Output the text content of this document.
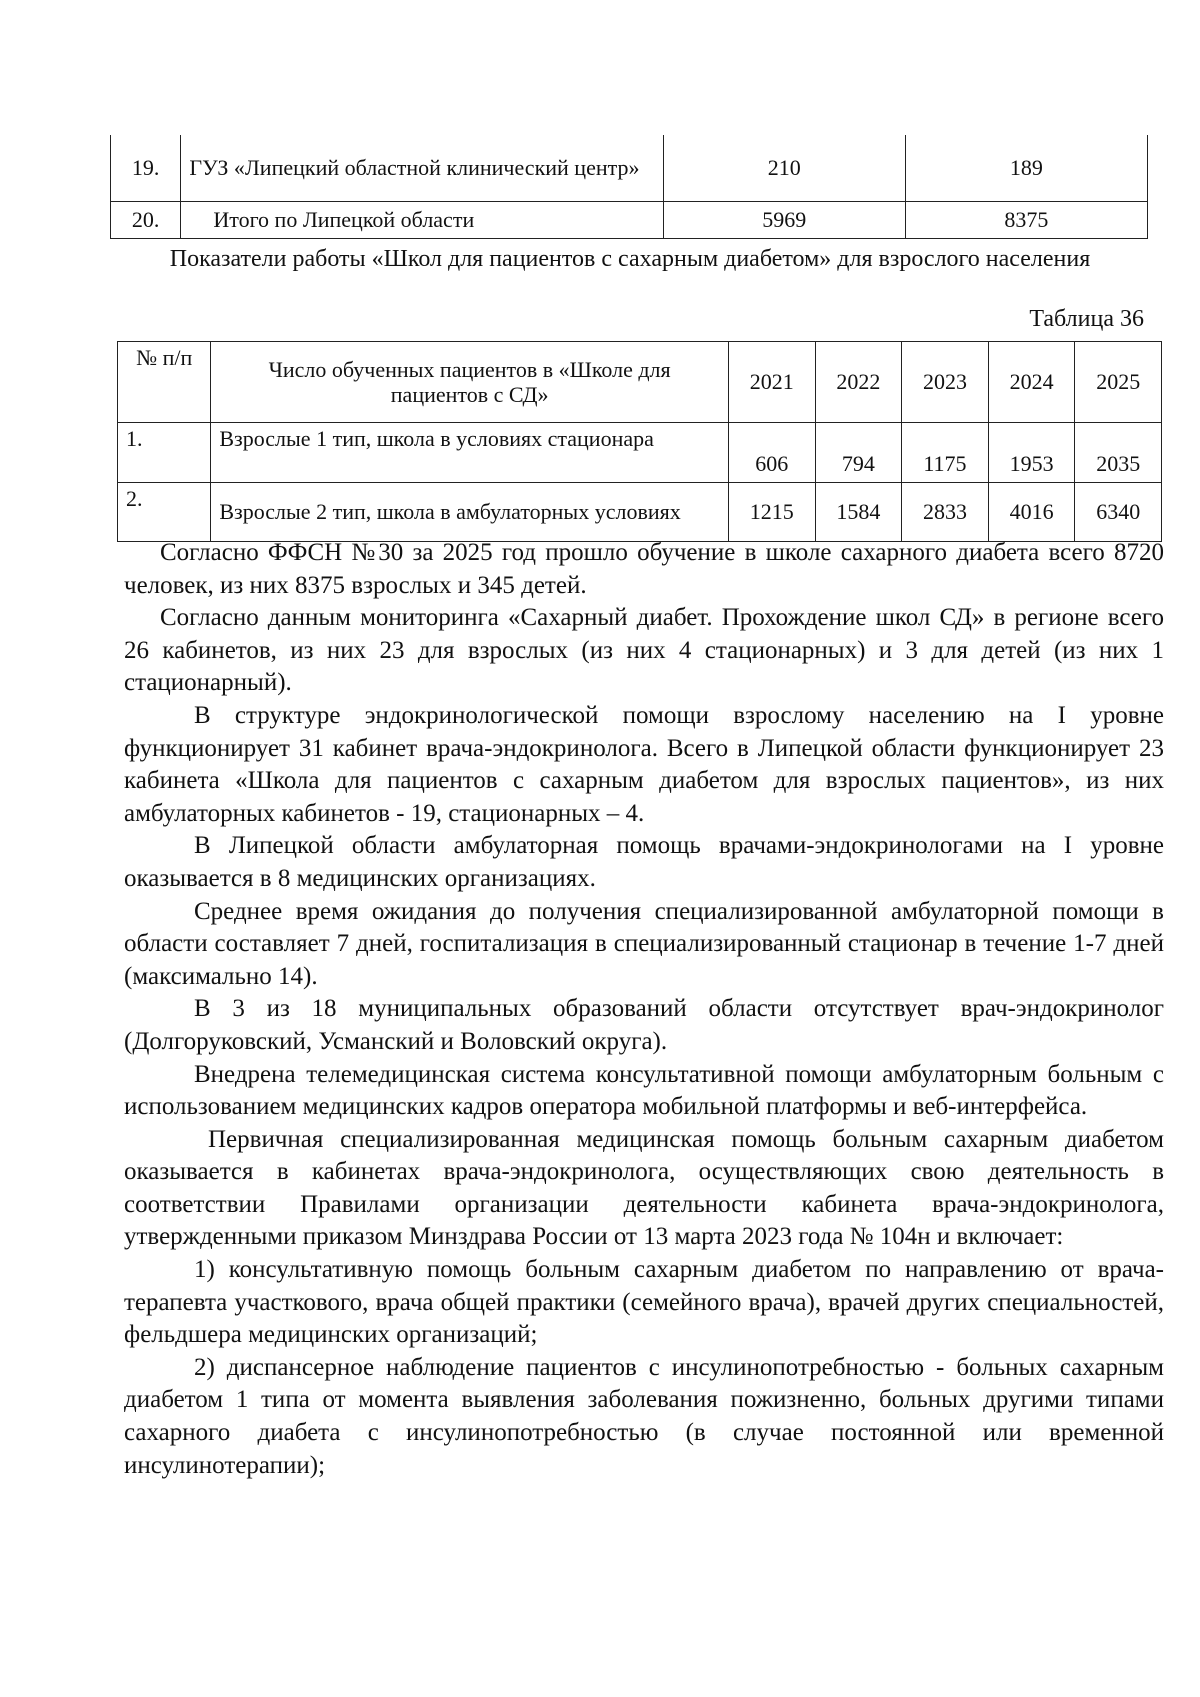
19.	ГУЗ «Липецкий областной клинический центр»	210	189
20.	Итого по Липецкой области	5969	8375
Показатели работы «Школ для пациентов с сахарным диабетом» для взрослого населения
Таблица 36
№ п/п	Число обученных пациентов в «Школе для пациентов с СД»	2021	2022	2023	2024	2025
1.	Взрослые 1 тип, школа в условиях стационара	606	794	1175	1953	2035
2.	Взрослые 2 тип, школа в амбулаторных условиях	1215	1584	2833	4016	6340

Согласно ФФСН №30 за 2025 год прошло обучение в школе сахарного диабета всего 8720 человек, из них 8375 взрослых и 345 детей.

Согласно данным мониторинга «Сахарный диабет. Прохождение школ СД» в регионе всего 26 кабинетов, из них 23 для взрослых (из них 4 стационарных) и 3 для детей (из них 1 стационарный).

В структуре эндокринологической помощи взрослому населению на I уровне функционирует 31 кабинет врача-эндокринолога. Всего в Липецкой области функционирует 23 кабинета «Школа для пациентов с сахарным диабетом для взрослых пациентов», из них амбулаторных кабинетов - 19, стационарных – 4.

В Липецкой области амбулаторная помощь врачами-эндокринологами на I уровне оказывается в 8 медицинских организациях.

Среднее время ожидания до получения специализированной амбулаторной помощи в области составляет 7 дней, госпитализация в специализированный стационар в течение 1-7 дней (максимально 14).

В 3 из 18 муниципальных образований области отсутствует врач-эндокринолог (Долгоруковский, Усманский и Воловский округа).

Внедрена телемедицинская система консультативной помощи амбулаторным больным с использованием медицинских кадров оператора мобильной платформы и веб-интерфейса.

Первичная специализированная медицинская помощь больным сахарным диабетом оказывается в кабинетах врача-эндокринолога, осуществляющих свою деятельность в соответствии Правилами организации деятельности кабинета врача-эндокринолога, утвержденными приказом Минздрава России от 13 марта 2023 года № 104н и включает:

1) консультативную помощь больным сахарным диабетом по направлению от врача-терапевта участкового, врача общей практики (семейного врача), врачей других специальностей, фельдшера медицинских организаций;

2) диспансерное наблюдение пациентов с инсулинопотребностью - больных сахарным диабетом 1 типа от момента выявления заболевания пожизненно, больных другими типами сахарного диабета с инсулинопотребностью (в случае постоянной или временной инсулинотерапии);
